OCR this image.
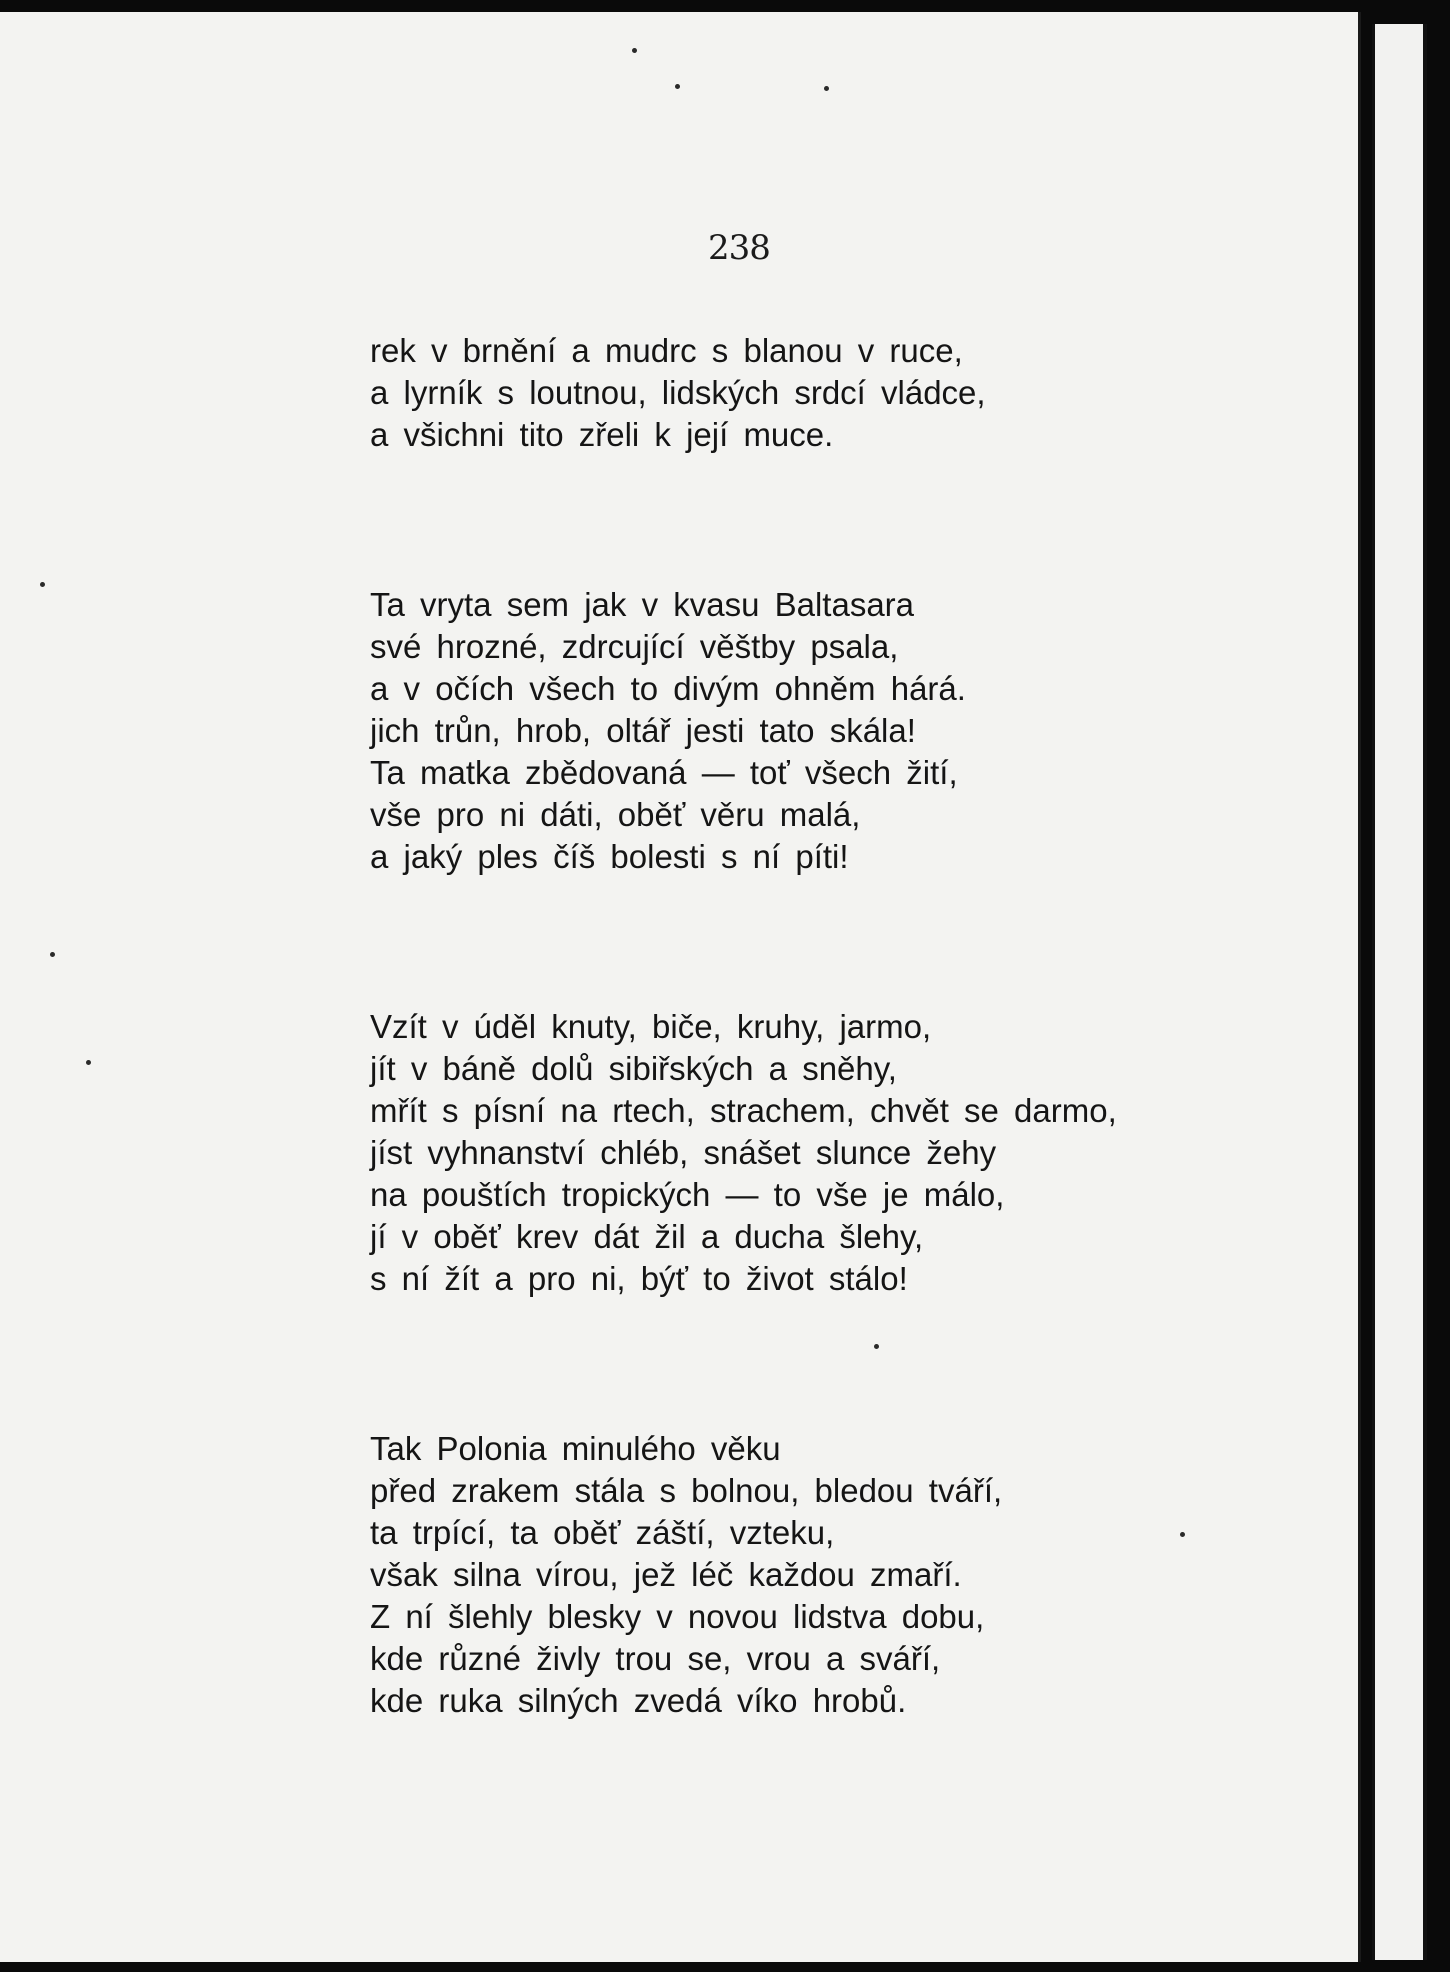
238
rek v brnění a mudrc s blanou v ruce,
a lyrník s loutnou, lidských srdcí vládce,
a všichni tito zřeli k její muce.
Ta vryta sem jak v kvasu Baltasara
své hrozné, zdrcující věštby psala,
a v očích všech to divým ohněm hárá.
jich trůn, hrob, oltář jesti tato skála!
Ta matka zbědovaná — toť všech žití,
vše pro ni dáti, oběť věru malá,
a jaký ples číš bolesti s ní píti!
Vzít v úděl knuty, biče, kruhy, jarmo,
jít v báně dolů sibiřských a sněhy,
mřít s písní na rtech, strachem, chvět se darmo,
jíst vyhnanství chléb, snášet slunce žehy
na pouštích tropických — to vše je málo,
jí v oběť krev dát žil a ducha šlehy,
s ní žít a pro ni, býť to život stálo!
Tak Polonia minulého věku
před zrakem stála s bolnou, bledou tváří,
ta trpící, ta oběť záští, vzteku,
však silna vírou, jež léč každou zmaří.
Z ní šlehly blesky v novou lidstva dobu,
kde různé živly trou se, vrou a sváří,
kde ruka silných zvedá víko hrobů.
